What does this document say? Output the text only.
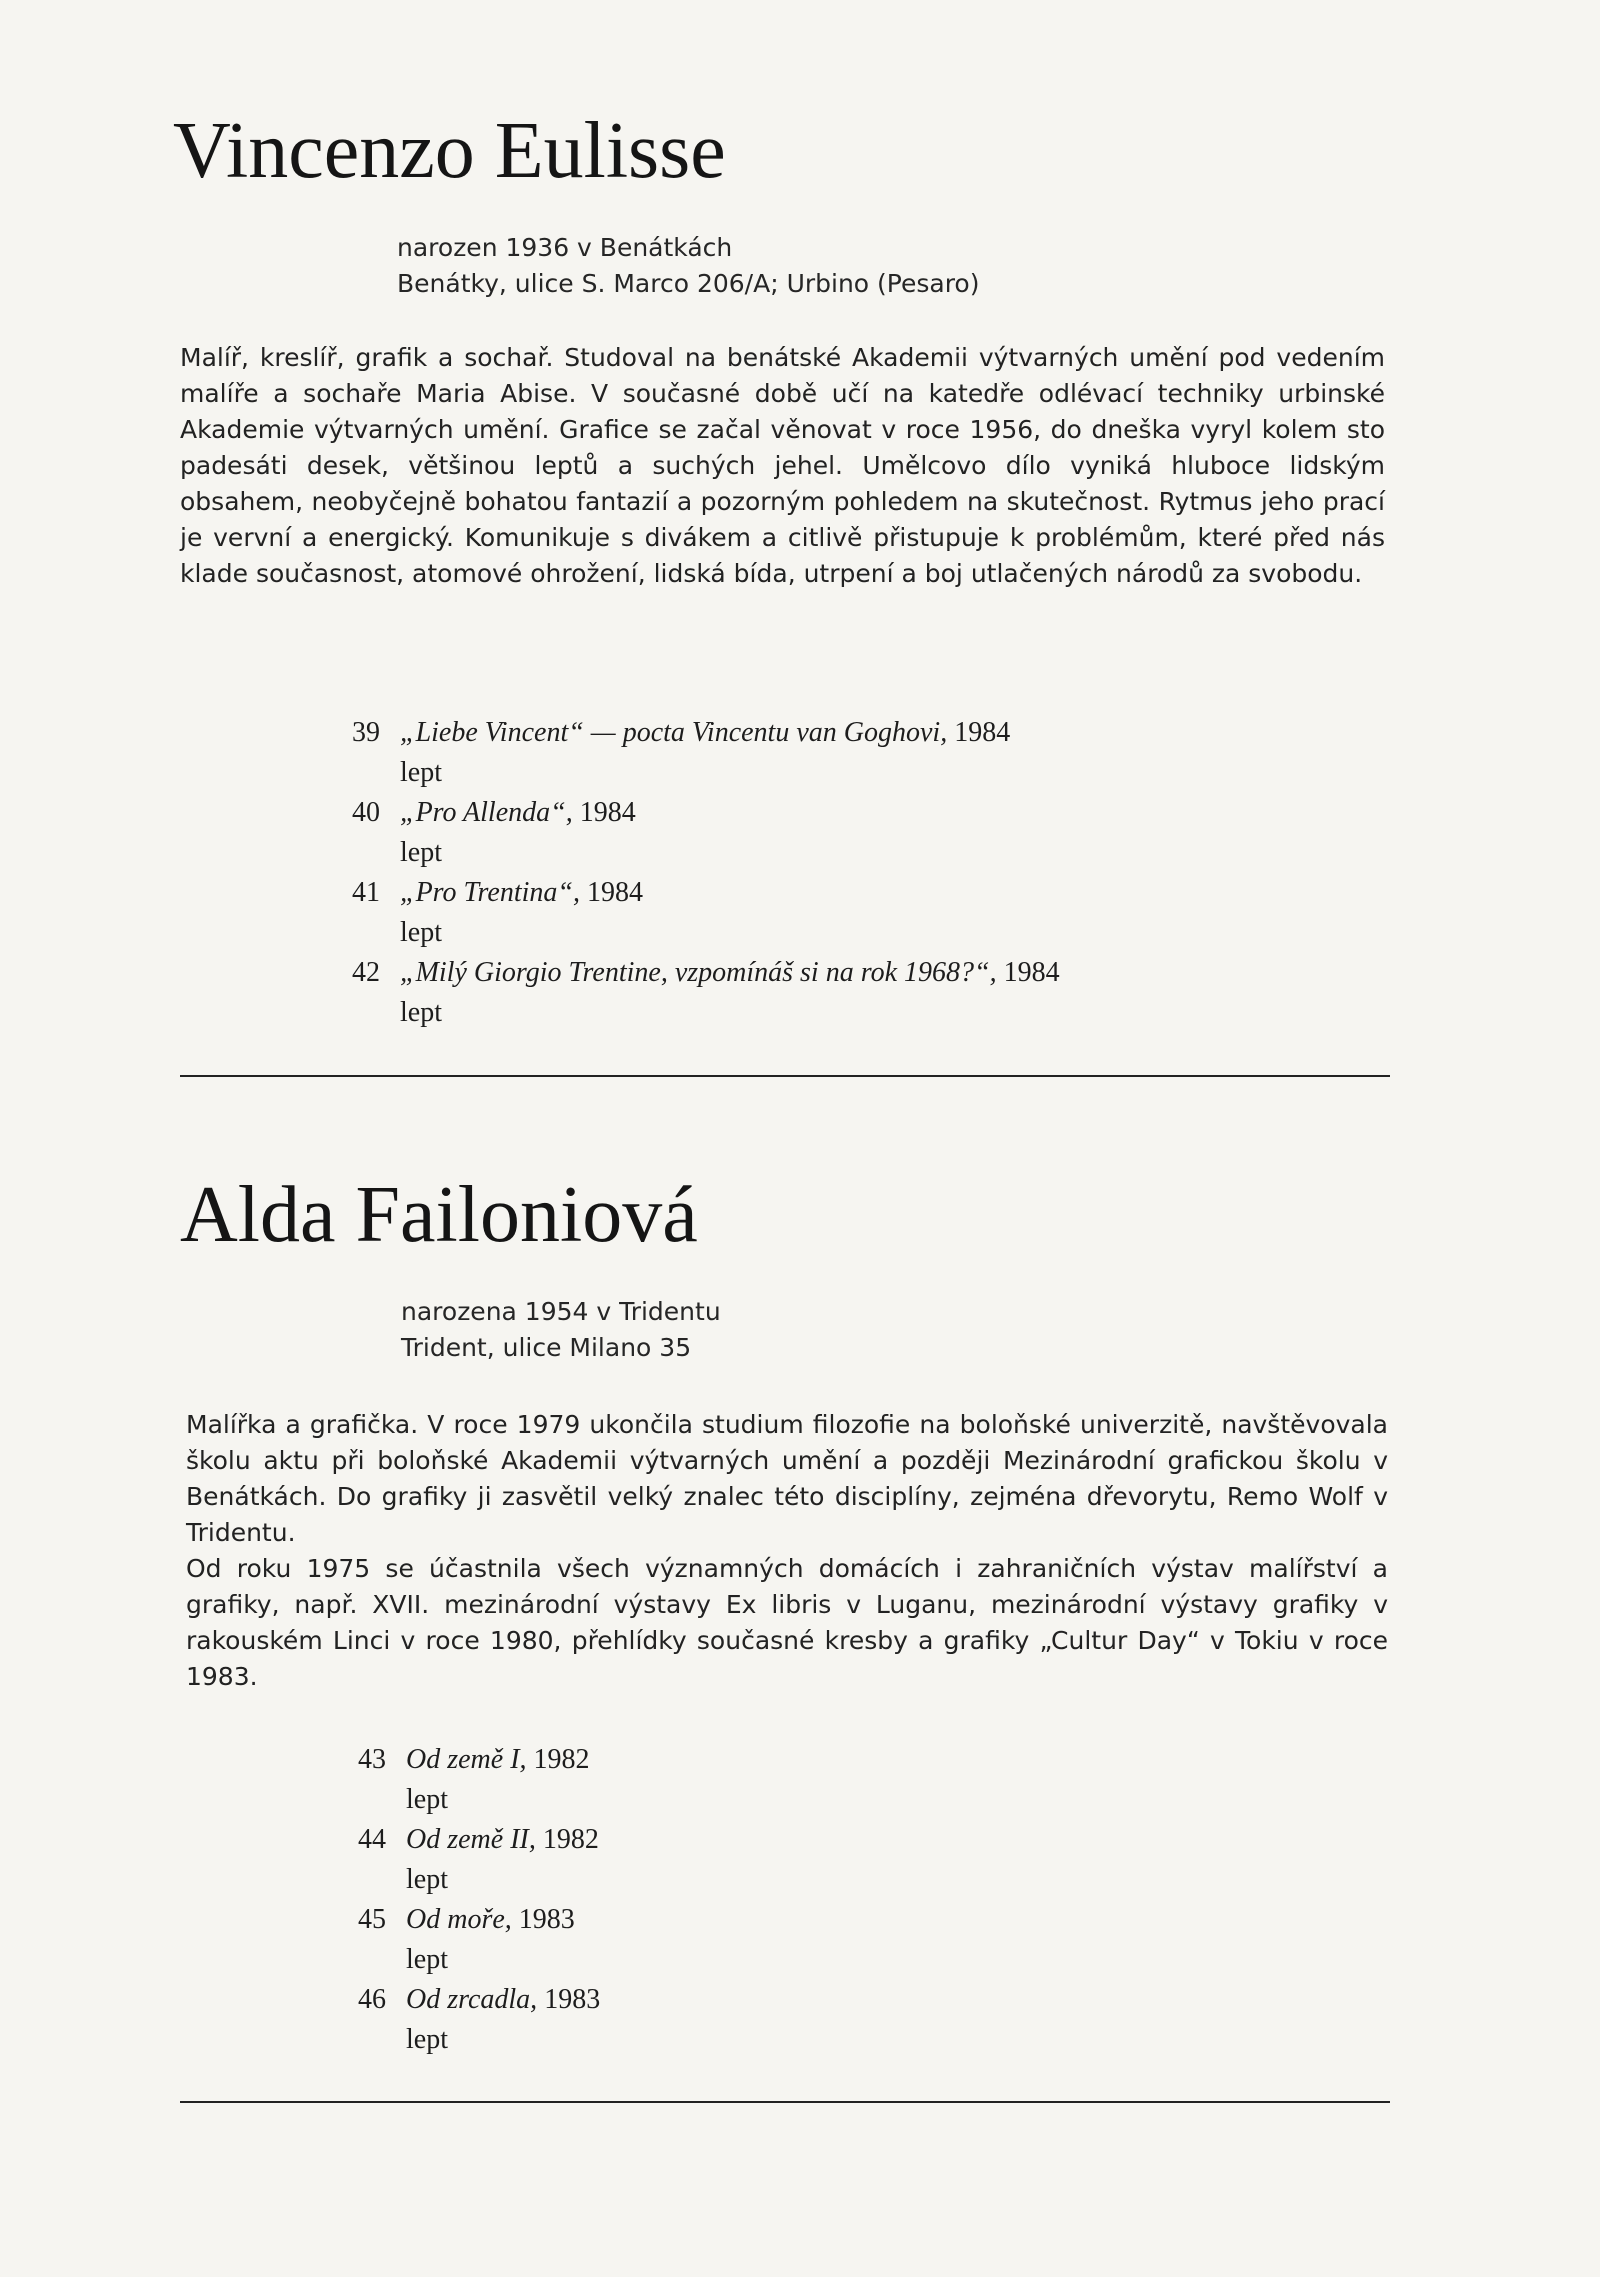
Vincenzo Eulisse
narozen 1936 v Benátkách
Benátky, ulice S. Marco 206/A; Urbino (Pesaro)

Malíř, kreslíř, grafik a sochař. Studoval na benátské Akademii výtvarných umění pod vedením malíře a sochaře Maria Abise. V současné době učí na katedře odlévací techniky urbinské Akademie výtvarných umění. Grafice se začal věnovat v roce 1956, do dneška vyryl kolem sto padesáti desek, většinou leptů a suchých jehel. Umělcovo dílo vyniká hluboce lidským obsahem, neobyčejně bohatou fantazií a pozorným pohledem na skutečnost. Rytmus jeho prací je vervní a energický. Komunikuje s divákem a citlivě přistupuje k problémům, které před nás klade současnost, atomové ohrožení, lidská bída, utrpení a boj utlačených národů za svobodu.

39 „Liebe Vincent“ — pocta Vincentu van Goghovi, 1984
lept
40 „Pro Allenda“, 1984
lept
41 „Pro Trentina“, 1984
lept
42 „Milý Giorgio Trentine, vzpomínáš si na rok 1968?“, 1984
lept
Alda Failoniová
narozena 1954 v Tridentu
Trident, ulice Milano 35

Malířka a grafička. V roce 1979 ukončila studium filozofie na boloňské univerzitě, navštěvovala školu aktu při boloňské Akademii výtvarných umění a později Mezinárodní grafickou školu v Benátkách. Do grafiky ji zasvětil velký znalec této disciplíny, zejména dřevorytu, Remo Wolf v Tridentu.

Od roku 1975 se účastnila všech významných domácích i zahraničních výstav malířství a grafiky, např. XVII. mezinárodní výstavy Ex libris v Luganu, mezinárodní výstavy grafiky v rakouském Linci v roce 1980, přehlídky současné kresby a grafiky „Cultur Day“ v Tokiu v roce 1983.

43 Od země I, 1982
lept
44 Od země II, 1982
lept
45 Od moře, 1983
lept
46 Od zrcadla, 1983
lept
